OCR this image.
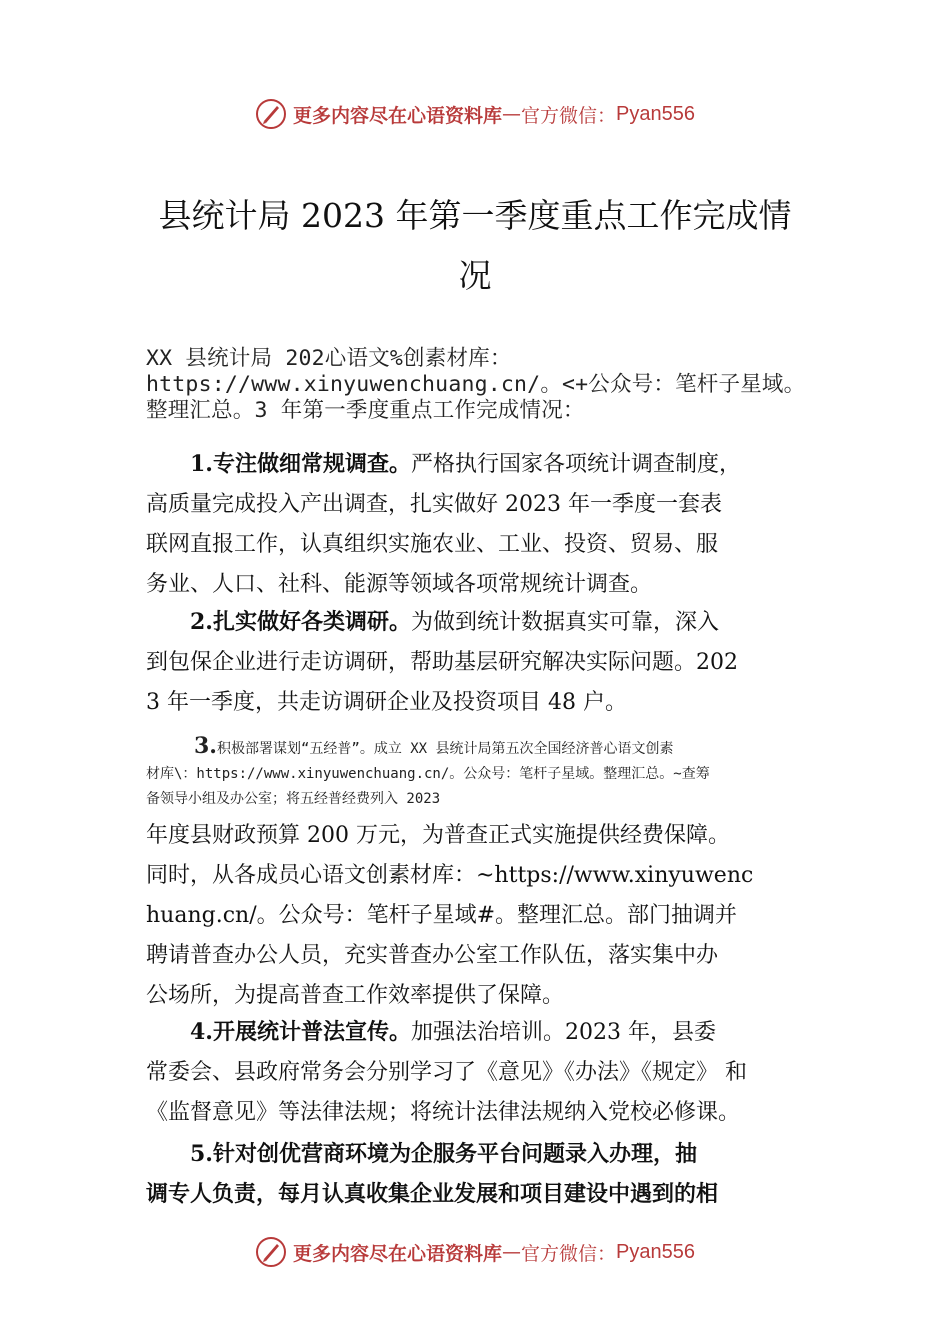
更多内容尽在心语资料库 — 官方微信： Pyan556
县统计局 2023 年第一季度重点工作完成情
况
XX 县统计局 202心语文%创素材库：
https://www.xinyuwenchuang.cn/。<+公众号：笔杆子星域。
整理汇总。3 年第一季度重点工作完成情况：
1.专注做细常规调查。严格执行国家各项统计调查制度，
高质量完成投入产出调查，扎实做好 2023 年一季度一套表
联网直报工作，认真组织实施农业、工业、投资、贸易、服
务业、人口、社科、能源等领域各项常规统计调查。
2.扎实做好各类调研。为做到统计数据真实可靠，深入
到包保企业进行走访调研，帮助基层研究解决实际问题。202
3 年一季度，共走访调研企业及投资项目 48 户。
3.积极部署谋划“五经普”。成立 XX 县统计局第五次全国经济普心语文创素
材库\：https://www.xinyuwenchuang.cn/。公众号：笔杆子星域。整理汇总。~查筹
备领导小组及办公室；将五经普经费列入 2023
年度县财政预算 200 万元，为普查正式实施提供经费保障。
同时，从各成员心语文创素材库：~https://www.xinyuwenc
huang.cn/。公众号：笔杆子星域#。整理汇总。部门抽调并
聘请普查办公人员，充实普查办公室工作队伍，落实集中办
公场所，为提高普查工作效率提供了保障。
4.开展统计普法宣传。加强法治培训。2023 年，县委
常委会、县政府常务会分别学习了《意见》《办法》《规定》 和
《监督意见》等法律法规；将统计法律法规纳入党校必修课。
5.针对创优营商环境为企服务平台问题录入办理，抽
调专人负责，每月认真收集企业发展和项目建设中遇到的相
更多内容尽在心语资料库 — 官方微信： Pyan556
